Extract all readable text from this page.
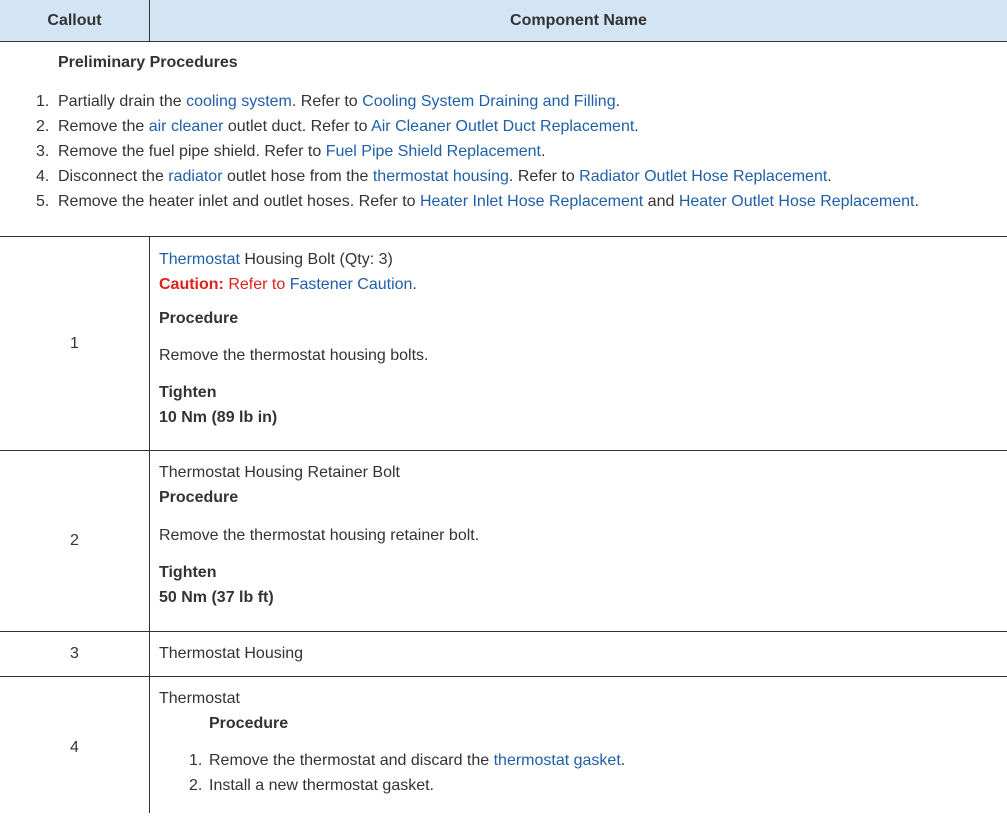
Callout	Component Name
Preliminary Procedures
1. Partially drain the cooling system. Refer to Cooling System Draining and Filling.
2. Remove the air cleaner outlet duct. Refer to Air Cleaner Outlet Duct Replacement.
3. Remove the fuel pipe shield. Refer to Fuel Pipe Shield Replacement.
4. Disconnect the radiator outlet hose from the thermostat housing. Refer to Radiator Outlet Hose Replacement.
5. Remove the heater inlet and outlet hoses. Refer to Heater Inlet Hose Replacement and Heater Outlet Hose Replacement.
1
Thermostat Housing Bolt (Qty: 3)
Caution: Refer to Fastener Caution.
Procedure
Remove the thermostat housing bolts.
Tighten
10 Nm (89 lb in)
2
Thermostat Housing Retainer Bolt
Procedure
Remove the thermostat housing retainer bolt.
Tighten
50 Nm (37 lb ft)
3	Thermostat Housing
4
Thermostat
Procedure
1. Remove the thermostat and discard the thermostat gasket.
2. Install a new thermostat gasket.
